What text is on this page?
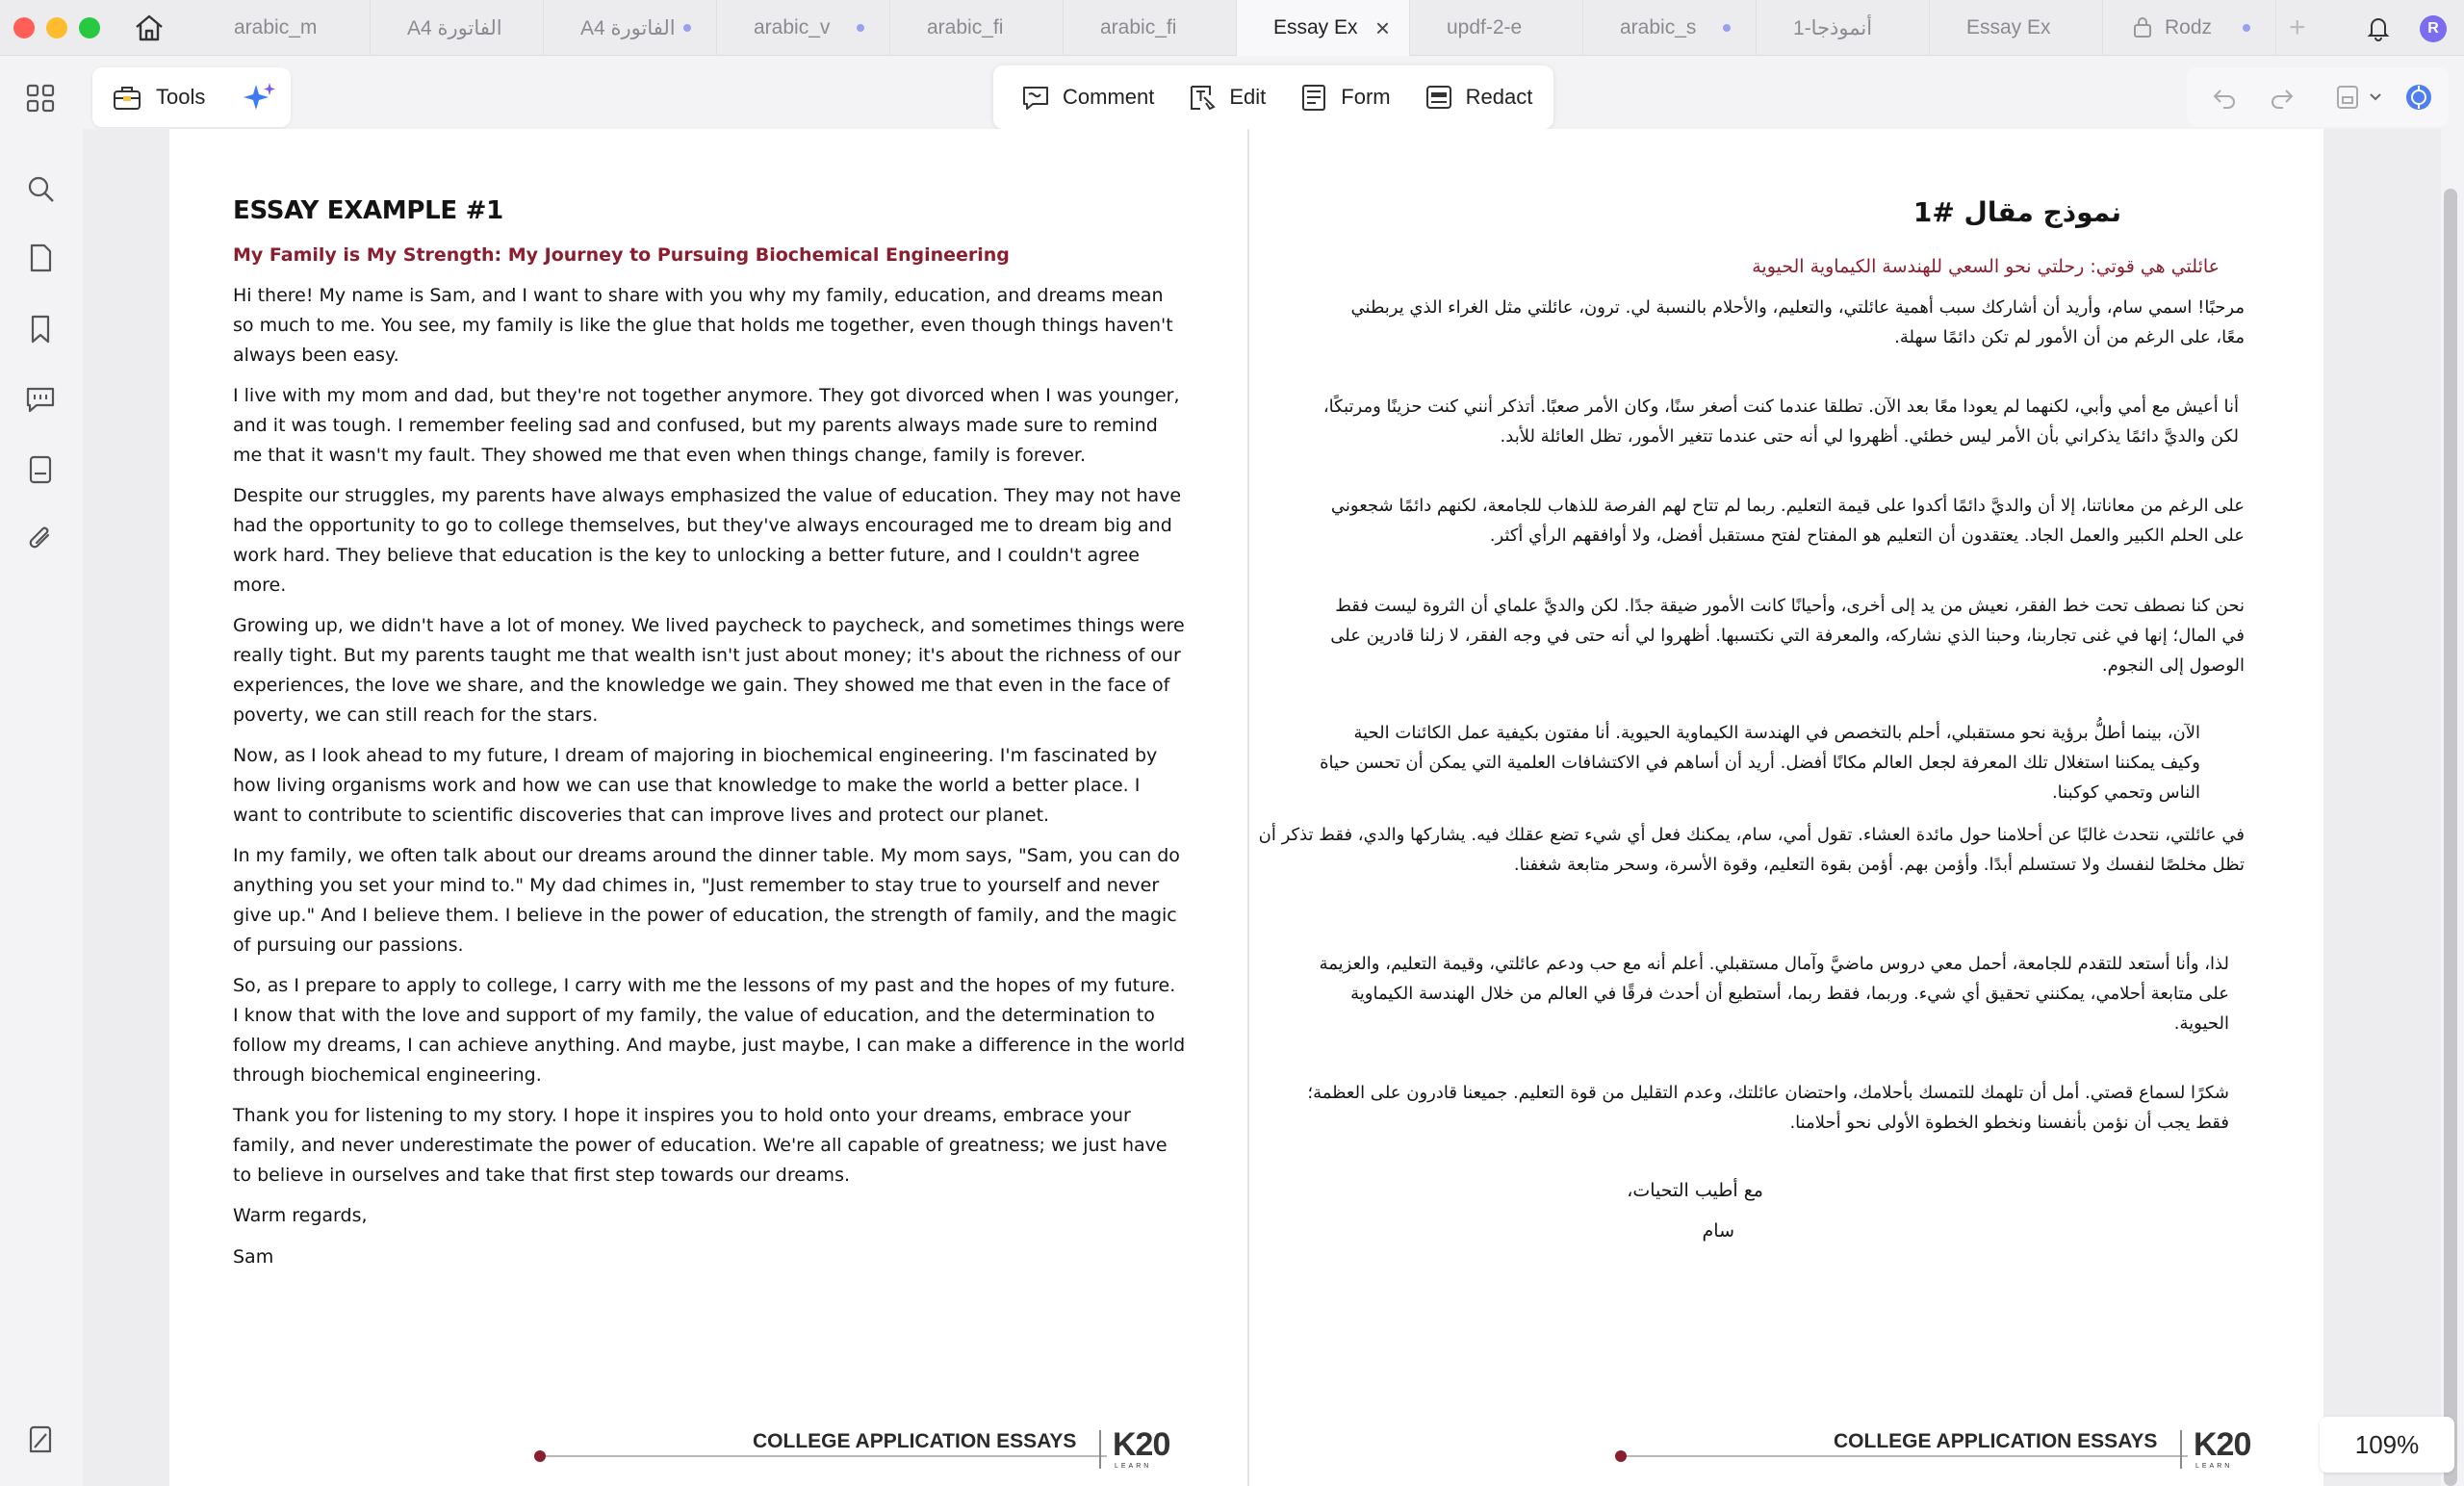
arabic_m	A4 الفاتورة	A4 الفاتورة	arabic_v	arabic_fi	arabic_fi	Essay Ex ×	updf-2-e	arabic_s	أنموذجا-1	Essay Ex	Rodz	+	R
Tools	Comment	Edit	Form	Redact
ESSAY EXAMPLE #1
My Family is My Strength: My Journey to Pursuing Biochemical Engineering

Hi there! My name is Sam, and I want to share with you why my family, education, and dreams mean so much to me. You see, my family is like the glue that holds me together, even though things haven't always been easy.

I live with my mom and dad, but they're not together anymore. They got divorced when I was younger, and it was tough. I remember feeling sad and confused, but my parents always made sure to remind me that it wasn't my fault. They showed me that even when things change, family is forever.

Despite our struggles, my parents have always emphasized the value of education. They may not have had the opportunity to go to college themselves, but they've always encouraged me to dream big and work hard. They believe that education is the key to unlocking a better future, and I couldn't agree more.

Growing up, we didn't have a lot of money. We lived paycheck to paycheck, and sometimes things were really tight. But my parents taught me that wealth isn't just about money; it's about the richness of our experiences, the love we share, and the knowledge we gain. They showed me that even in the face of poverty, we can still reach for the stars.

Now, as I look ahead to my future, I dream of majoring in biochemical engineering. I'm fascinated by how living organisms work and how we can use that knowledge to make the world a better place. I want to contribute to scientific discoveries that can improve lives and protect our planet.

In my family, we often talk about our dreams around the dinner table. My mom says, "Sam, you can do anything you set your mind to." My dad chimes in, "Just remember to stay true to yourself and never give up." And I believe them. I believe in the power of education, the strength of family, and the magic of pursuing our passions.

So, as I prepare to apply to college, I carry with me the lessons of my past and the hopes of my future. I know that with the love and support of my family, the value of education, and the determination to follow my dreams, I can achieve anything. And maybe, just maybe, I can make a difference in the world through biochemical engineering.

Thank you for listening to my story. I hope it inspires you to hold onto your dreams, embrace your family, and never underestimate the power of education. We're all capable of greatness; we just have to believe in ourselves and take that first step towards our dreams.

Warm regards,

Sam

نموذج مقال #1
عائلتي هي قوتي: رحلتي نحو السعي للهندسة الكيماوية الحيوية

مرحبًا! اسمي سام، وأريد أن أشاركك سبب أهمية عائلتي، والتعليم، والأحلام بالنسبة لي. ترون، عائلتي مثل الغراء الذي يربطني معًا، على الرغم من أن الأمور لم تكن دائمًا سهلة.

أنا أعيش مع أمي وأبي، لكنهما لم يعودا معًا بعد الآن. تطلقا عندما كنت أصغر سنًا، وكان الأمر صعبًا. أتذكر أنني كنت حزينًا ومرتبكًا، لكن والديَّ دائمًا يذكراني بأن الأمر ليس خطئي. أظهروا لي أنه حتى عندما تتغير الأمور، تظل العائلة للأبد.

على الرغم من معاناتنا، إلا أن والديَّ دائمًا أكدوا على قيمة التعليم. ربما لم تتاح لهم الفرصة للذهاب للجامعة، لكنهم دائمًا شجعوني على الحلم الكبير والعمل الجاد. يعتقدون أن التعليم هو المفتاح لفتح مستقبل أفضل، ولا أوافقهم الرأي أكثر.

نحن كنا نصطف تحت خط الفقر، نعيش من يد إلى أخرى، وأحيانًا كانت الأمور ضيقة جدًا. لكن والديَّ علماي أن الثروة ليست فقط في المال؛ إنها في غنى تجاربنا، وحبنا الذي نشاركه، والمعرفة التي نكتسبها. أظهروا لي أنه حتى في وجه الفقر، لا زلنا قادرين على الوصول إلى النجوم.

الآن، بينما أطلُّ برؤية نحو مستقبلي، أحلم بالتخصص في الهندسة الكيماوية الحيوية. أنا مفتون بكيفية عمل الكائنات الحية وكيف يمكننا استغلال تلك المعرفة لجعل العالم مكانًا أفضل. أريد أن أساهم في الاكتشافات العلمية التي يمكن أن تحسن حياة الناس وتحمي كوكبنا.

في عائلتي، نتحدث غالبًا عن أحلامنا حول مائدة العشاء. تقول أمي، سام، يمكنك فعل أي شيء تضع عقلك فيه. يشاركها والدي، فقط تذكر أن تظل مخلصًا لنفسك ولا تستسلم أبدًا. وأؤمن بهم. أؤمن بقوة التعليم، وقوة الأسرة، وسحر متابعة شغفنا.

لذا، وأنا أستعد للتقدم للجامعة، أحمل معي دروس ماضيَّ وآمال مستقبلي. أعلم أنه مع حب ودعم عائلتي، وقيمة التعليم، والعزيمة على متابعة أحلامي، يمكنني تحقيق أي شيء. وربما، فقط ربما، أستطيع أن أحدث فرقًا في العالم من خلال الهندسة الكيماوية الحيوية.

شكرًا لسماع قصتي. أمل أن تلهمك للتمسك بأحلامك، واحتضان عائلتك، وعدم التقليل من قوة التعليم. جميعنا قادرون على العظمة؛ فقط يجب أن نؤمن بأنفسنا ونخطو الخطوة الأولى نحو أحلامنا.

مع أطيب التحيات،
سام
COLLEGE APPLICATION ESSAYS K20
LEARN
COLLEGE APPLICATION ESSAYS K20
LEARN
109%
